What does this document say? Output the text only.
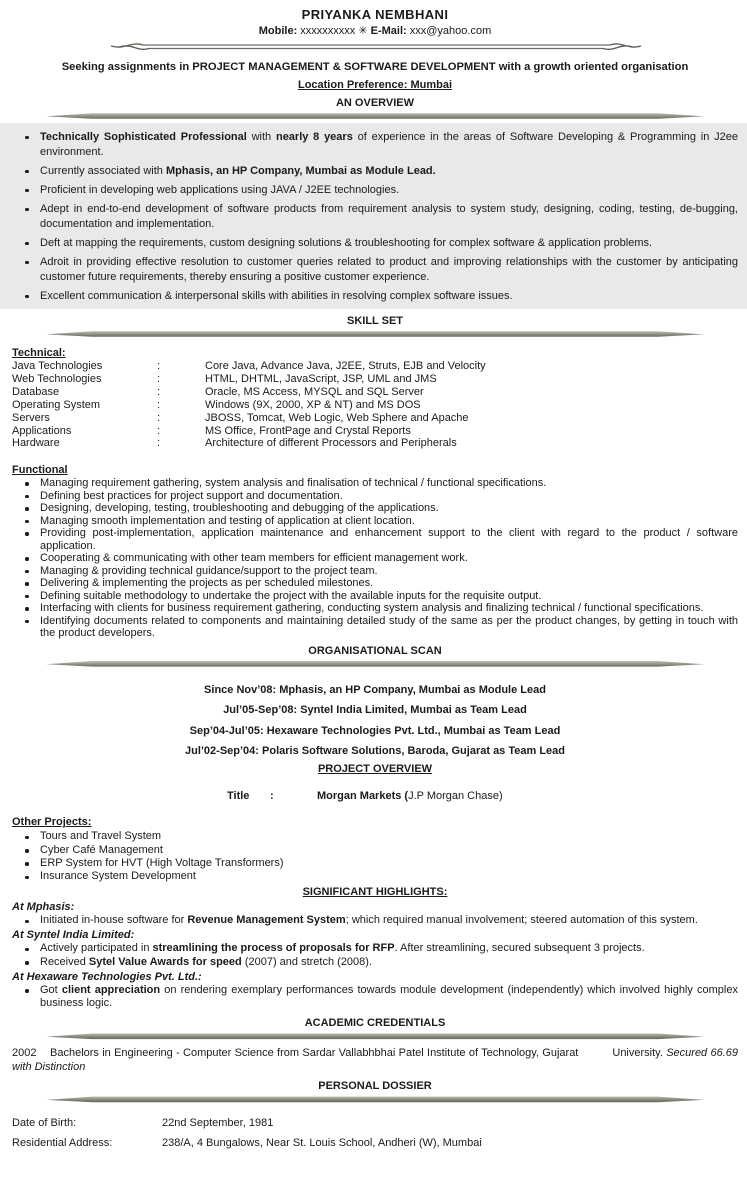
PRIYANKA NEMBHANI
Mobile: xxxxxxxxxx ✳ E-Mail: xxx@yahoo.com
Seeking assignments in PROJECT MANAGEMENT & SOFTWARE DEVELOPMENT with a growth oriented organisation
Location Preference: Mumbai
AN OVERVIEW
Technically Sophisticated Professional with nearly 8 years of experience in the areas of Software Developing & Programming in J2ee environment.
Currently associated with Mphasis, an HP Company, Mumbai as Module Lead.
Proficient in developing web applications using JAVA / J2EE technologies.
Adept in end-to-end development of software products from requirement analysis to system study, designing, coding, testing, de-bugging, documentation and implementation.
Deft at mapping the requirements, custom designing solutions & troubleshooting for complex software & application problems.
Adroit in providing effective resolution to customer queries related to product and improving relationships with the customer by anticipating customer future requirements, thereby ensuring a positive customer experience.
Excellent communication & interpersonal skills with abilities in resolving complex software issues.
SKILL SET
Technical:
Java Technologies	:	Core Java, Advance Java, J2EE, Struts, EJB and Velocity
Web Technologies	:	HTML, DHTML, JavaScript, JSP, UML and JMS
Database	:	Oracle, MS Access, MYSQL and SQL Server
Operating System	:	Windows (9X, 2000, XP & NT) and MS DOS
Servers	:	JBOSS, Tomcat, Web Logic, Web Sphere and Apache
Applications	:	MS Office, FrontPage and Crystal Reports
Hardware	:	Architecture of different Processors and Peripherals
Functional
Managing requirement gathering, system analysis and finalisation of technical / functional specifications.
Defining best practices for project support and documentation.
Designing, developing, testing, troubleshooting and debugging of the applications.
Managing smooth implementation and testing of application at client location.
Providing post-implementation, application maintenance and enhancement support to the client with regard to the product / software application.
Cooperating & communicating with other team members for efficient management work.
Managing & providing technical guidance/support to the project team.
Delivering & implementing the projects as per scheduled milestones.
Defining suitable methodology to undertake the project with the available inputs for the requisite output.
Interfacing with clients for business requirement gathering, conducting system analysis and finalizing technical / functional specifications.
Identifying documents related to components and maintaining detailed study of the same as per the product changes, by getting in touch with the product developers.
ORGANISATIONAL SCAN
Since Nov’08: Mphasis, an HP Company, Mumbai as Module Lead
Jul’05-Sep’08: Syntel India Limited, Mumbai as Team Lead
Sep’04-Jul’05: Hexaware Technologies Pvt. Ltd., Mumbai as Team Lead
Jul’02-Sep’04: Polaris Software Solutions, Baroda, Gujarat as Team Lead
PROJECT OVERVIEW
Title :	Morgan Markets (J.P Morgan Chase)
Other Projects:
Tours and Travel System
Cyber Café Management
ERP System for HVT (High Voltage Transformers)
Insurance System Development
SIGNIFICANT HIGHLIGHTS:
At Mphasis:
Initiated in-house software for Revenue Management System; which required manual involvement; steered automation of this system.
At Syntel India Limited:
Actively participated in streamlining the process of proposals for RFP. After streamlining, secured subsequent 3 projects.
Received Sytel Value Awards for speed (2007) and stretch (2008).
At Hexaware Technologies Pvt. Ltd.:
Got client appreciation on rendering exemplary performances towards module development (independently) which involved highly complex business logic.
ACADEMIC CREDENTIALS

2002 Bachelors in Engineering - Computer Science from Sardar Vallabhbhai Patel Institute of Technology, Gujarat	University. Secured 66.69 with Distinction

PERSONAL DOSSIER
Date of Birth:	22nd September, 1981
Residential Address:	238/A, 4 Bungalows, Near St. Louis School, Andheri (W), Mumbai
